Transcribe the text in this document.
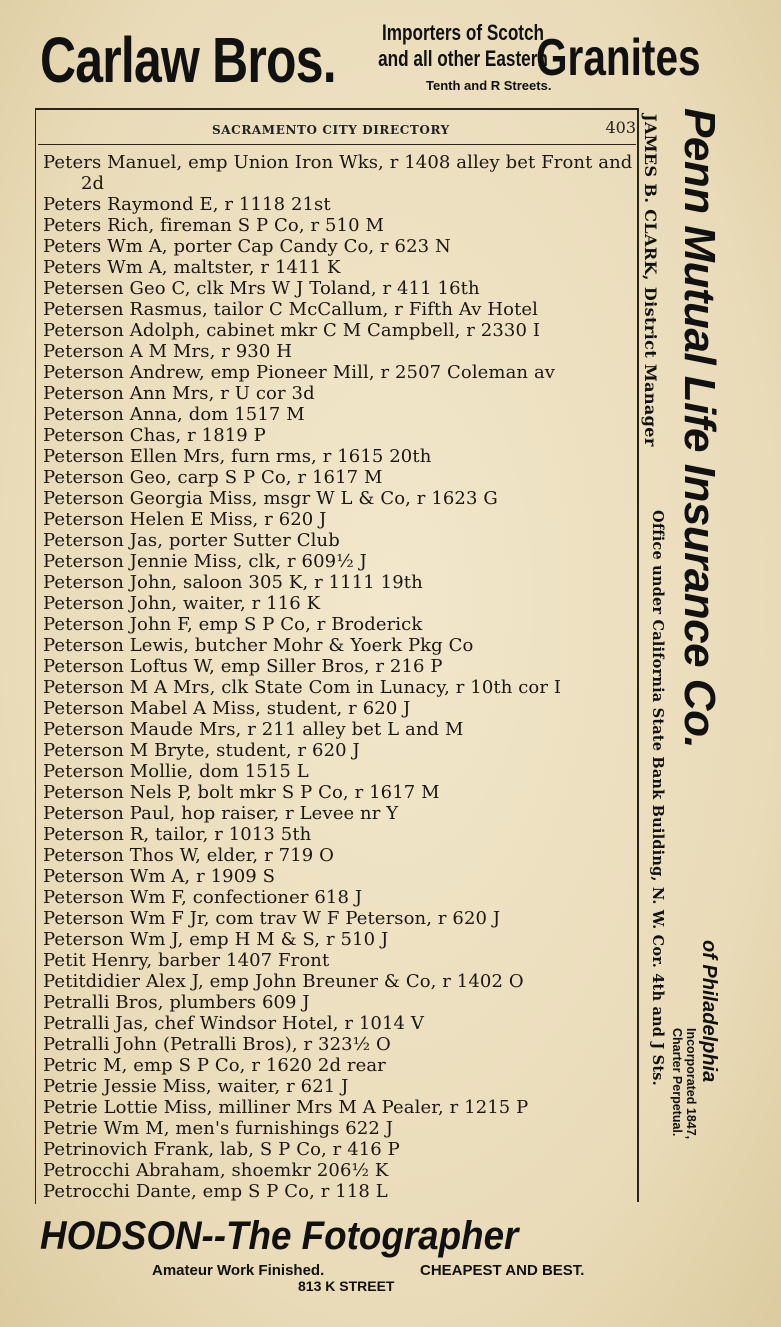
Carlaw Bros.	Importers of Scotch
and all other Eastern
Granites
Tenth and R Streets.
SACRAMENTO CITY DIRECTORY	403
Peters Manuel, emp Union Iron Wks, r 1408 alley bet Front and 2d
Peters Raymond E, r 1118 21st
Peters Rich, fireman S P Co, r 510 M
Peters Wm A, porter Cap Candy Co, r 623 N
Peters Wm A, maltster, r 1411 K
Petersen Geo C, clk Mrs W J Toland, r 411 16th
Petersen Rasmus, tailor C McCallum, r Fifth Av Hotel
Peterson Adolph, cabinet mkr C M Campbell, r 2330 I
Peterson A M Mrs, r 930 H
Peterson Andrew, emp Pioneer Mill, r 2507 Coleman av
Peterson Ann Mrs, r U cor 3d
Peterson Anna, dom 1517 M
Peterson Chas, r 1819 P
Peterson Ellen Mrs, furn rms, r 1615 20th
Peterson Geo, carp S P Co, r 1617 M
Peterson Georgia Miss, msgr W L & Co, r 1623 G
Peterson Helen E Miss, r 620 J
Peterson Jas, porter Sutter Club
Peterson Jennie Miss, clk, r 609½ J
Peterson John, saloon 305 K, r 1111 19th
Peterson John, waiter, r 116 K
Peterson John F, emp S P Co, r Broderick
Peterson Lewis, butcher Mohr & Yoerk Pkg Co
Peterson Loftus W, emp Siller Bros, r 216 P
Peterson M A Mrs, clk State Com in Lunacy, r 10th cor I
Peterson Mabel A Miss, student, r 620 J
Peterson Maude Mrs, r 211 alley bet L and M
Peterson M Bryte, student, r 620 J
Peterson Mollie, dom 1515 L
Peterson Nels P, bolt mkr S P Co, r 1617 M
Peterson Paul, hop raiser, r Levee nr Y
Peterson R, tailor, r 1013 5th
Peterson Thos W, elder, r 719 O
Peterson Wm A, r 1909 S
Peterson Wm F, confectioner 618 J
Peterson Wm F Jr, com trav W F Peterson, r 620 J
Peterson Wm J, emp H M & S, r 510 J
Petit Henry, barber 1407 Front
Petitdidier Alex J, emp John Breuner & Co, r 1402 O
Petralli Bros, plumbers 609 J
Petralli Jas, chef Windsor Hotel, r 1014 V
Petralli John (Petralli Bros), r 323½ O
Petric M, emp S P Co, r 1620 2d rear
Petrie Jessie Miss, waiter, r 621 J
Petrie Lottie Miss, milliner Mrs M A Pealer, r 1215 P
Petrie Wm M, men's furnishings 622 J
Petrinovich Frank, lab, S P Co, r 416 P
Petrocchi Abraham, shoemkr 206½ K
Petrocchi Dante, emp S P Co, r 118 L
JAMES B. CLARK, District Manager
Office under California State Bank Building, N. W. Cor. 4th and J Sts.
Penn Mutual Life Insurance Co.
of Philadelphia
Incorporated 1847,
Charter Perpetual.
HODSON--The Fotographer
Amateur Work Finished.	CHEAPEST AND BEST.
813 K STREET
